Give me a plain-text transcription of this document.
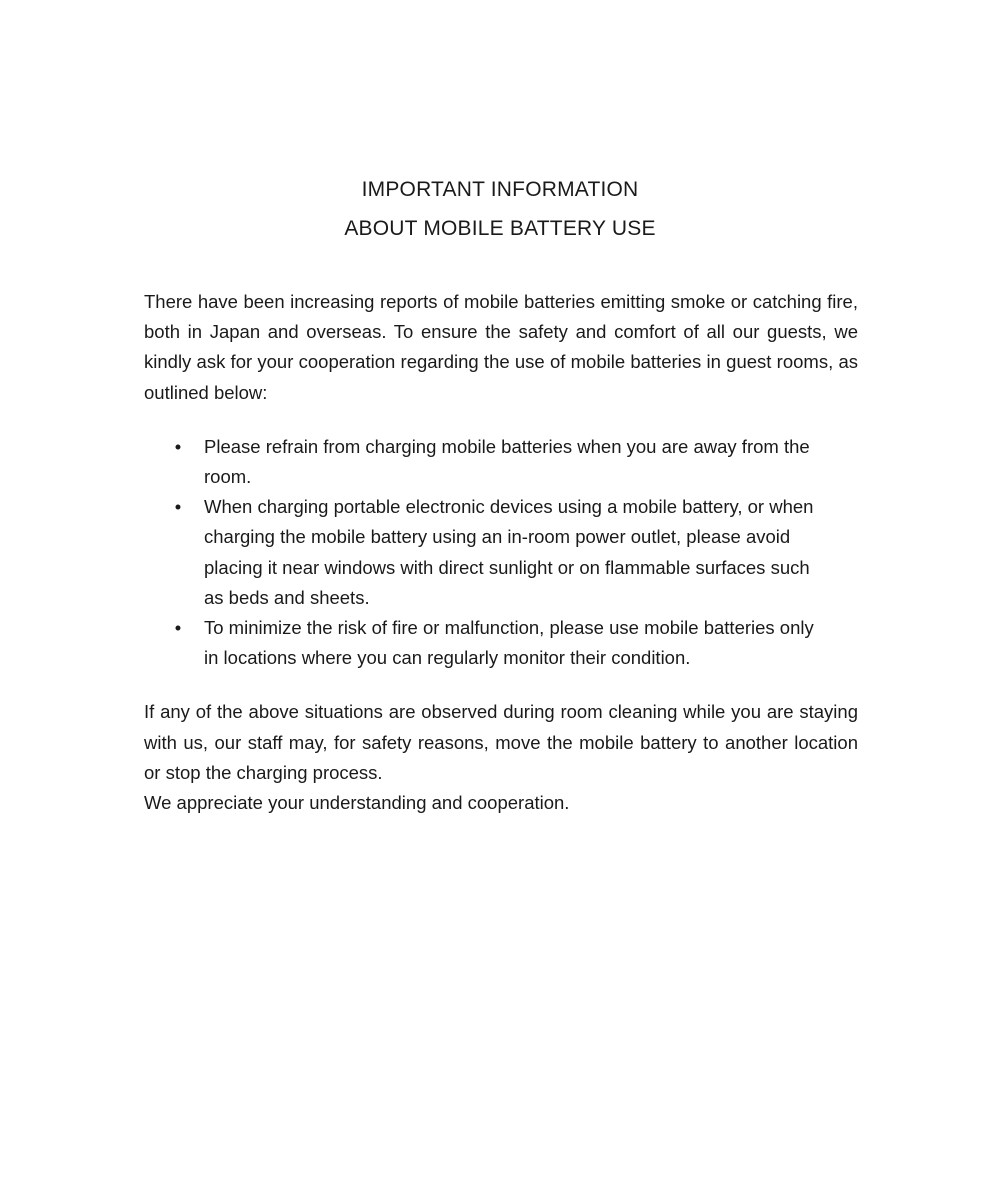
IMPORTANT INFORMATION
ABOUT MOBILE BATTERY USE

There have been increasing reports of mobile batteries emitting smoke or catching fire, both in Japan and overseas. To ensure the safety and comfort of all our guests, we kindly ask for your cooperation regarding the use of mobile batteries in guest rooms, as outlined below:

• Please refrain from charging mobile batteries when you are away from the room.
• When charging portable electronic devices using a mobile battery, or when charging the mobile battery using an in-room power outlet, please avoid placing it near windows with direct sunlight or on flammable surfaces such as beds and sheets.
• To minimize the risk of fire or malfunction, please use mobile batteries only in locations where you can regularly monitor their condition.

If any of the above situations are observed during room cleaning while you are staying with us, our staff may, for safety reasons, move the mobile battery to another location or stop the charging process.

We appreciate your understanding and cooperation.
